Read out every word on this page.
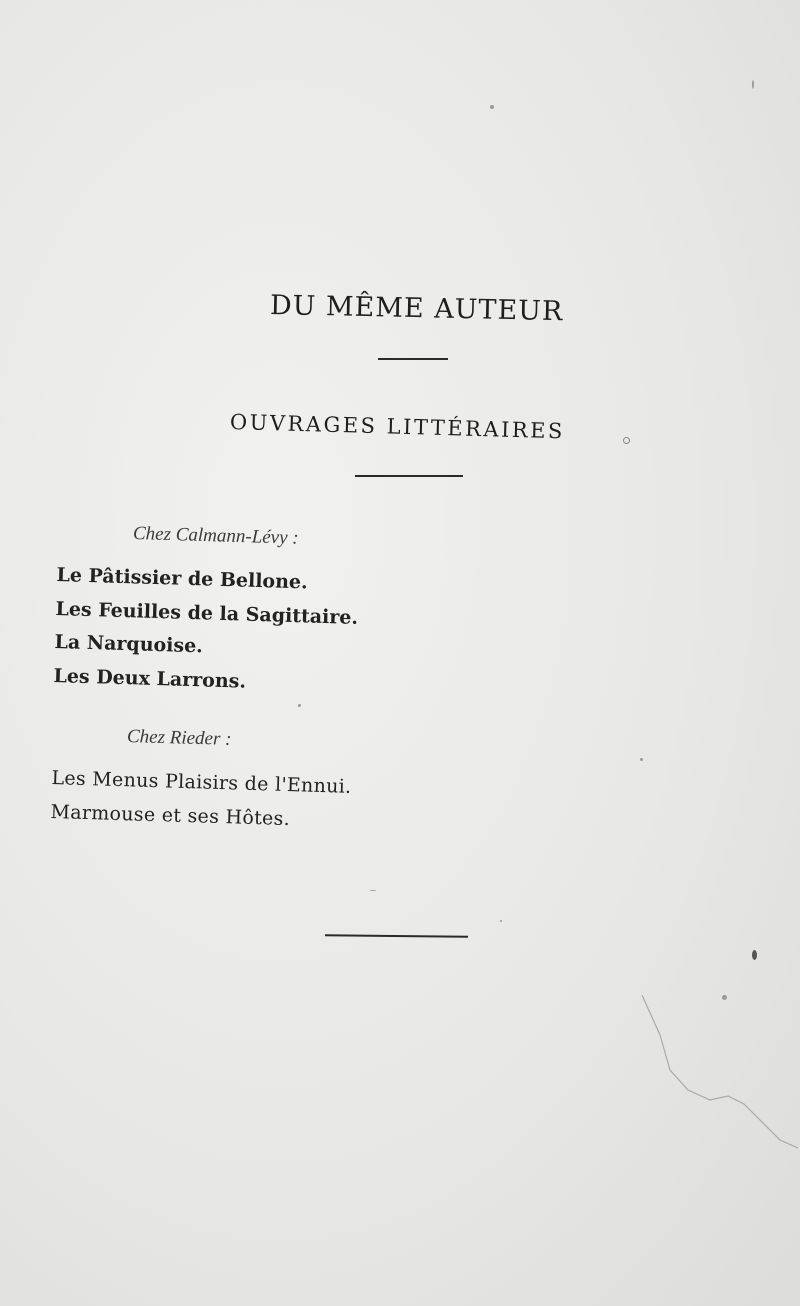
DU MÊME AUTEUR
OUVRAGES LITTÉRAIRES
Chez Calmann-Lévy :
Le Pâtissier de Bellone.
Les Feuilles de la Sagittaire.
La Narquoise.
Les Deux Larrons.
Chez Rieder :
Les Menus Plaisirs de l'Ennui.
Marmouse et ses Hôtes.
